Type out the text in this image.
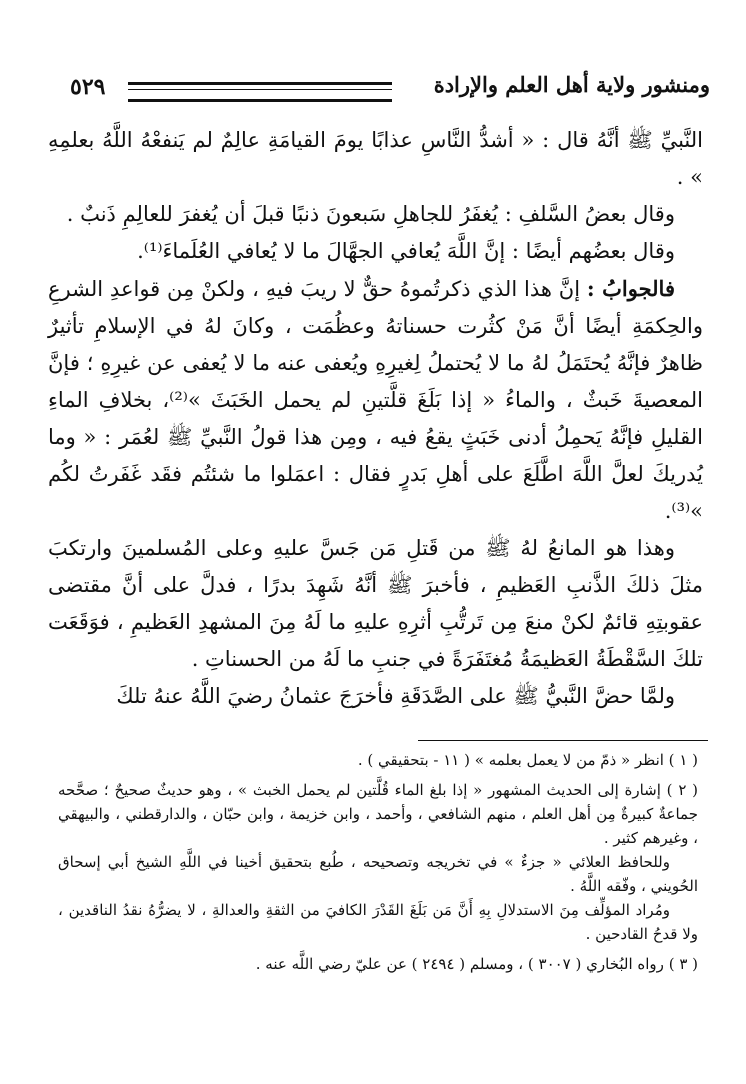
٥٢٩	ومنشور ولاية أهل العلم والإرادة

النَّبيِّ ﷺ أنَّهُ قال : « أشدُّ النَّاسِ عذابًا يومَ القيامَةِ عالِمٌ لم يَنفعْهُ اللَّهُ بعلمِهِ » .

وقال بعضُ السَّلفِ : يُغفَرُ للجاهلِ سَبعونَ ذنبًا قبلَ أن يُغفرَ للعالِمِ ذَنبٌ .

وقال بعضُهم أيضًا : إنَّ اللَّهَ يُعافي الجهَّالَ ما لا يُعافي العُلَماءَ⁽¹⁾.

فالجوابُ : إنَّ هذا الذي ذكرتُموهُ حقٌّ لا ريبَ فيهِ ، ولكنْ مِن قواعدِ الشرعِ والحِكمَةِ أيضًا أنَّ مَنْ كثُرت حسناتهُ وعظُمَت ، وكانَ لهُ في الإسلامِ تأثيرٌ ظاهرٌ فإنَّهُ يُحتَمَلُ لهُ ما لا يُحتملُ لِغيرِهِ ويُعفى عنه ما لا يُعفى عن غيرِهِ ؛ فإنَّ المعصيةَ خَبثٌ ، والماءُ « إذا بَلَغَ قلَّتينِ لم يحمل الخَبَثَ »⁽²⁾، بخلافِ الماءِ القليلِ فإنَّهُ يَحمِلُ أدنى خَبَثٍ يقعُ فيه ، ومِن هذا قولُ النَّبيِّ ﷺ لعُمَر : « وما يُدريكَ لعلَّ اللَّهَ اطَّلَعَ على أهلِ بَدرٍ فقال : اعمَلوا ما شئتُم فقَد غَفَرتُ لكُم »⁽³⁾.

وهذا هو المانعُ لهُ ﷺ من قَتلِ مَن جَسَّ عليهِ وعلى المُسلمينَ وارتكبَ مثلَ ذلكَ الذَّنبِ العَظيمِ ، فأخبرَ ﷺ أنَّهُ شَهِدَ بدرًا ، فدلَّ على أنَّ مقتضى عقوبتِهِ قائمٌ لكنْ منعَ مِن تَرتُّبِ أثرِهِ عليهِ ما لَهُ مِنَ المشهدِ العَظيمِ ، فوَقَعَت تلكَ السَّقْطَةُ العَظيمَةُ مُغتَفَرَةً في جنبِ ما لَهُ من الحسناتِ .

ولمَّا حضَّ النَّبيُّ ﷺ على الصَّدَقَةِ فأخرَجَ عثمانُ رضيَ اللَّهُ عنهُ تلكَ

( ١ ) انظر « ذمّ من لا يعمل بعلمه » ( ١١ - بتحقيقي ) .

( ٢ ) إشارة إلى الحديث المشهور « إذا بلغ الماء قُلَّتين لم يحمل الخبث » ، وهو حديثٌ صحيحٌ ؛ صحَّحه جماعةٌ كبيرةٌ مِن أهل العلم ، منهم الشافعي ، وأحمد ، وابن خزيمة ، وابن حبّان ، والدارقطني ، والبيهقي ، وغيرهم كثير .

وللحافظ العلائي « جزءٌ » في تخريجه وتصحيحه ، طُبع بتحقيق أخينا في اللَّهِ الشيخ أبي إسحاق الحُويني ، وفّقه اللَّهُ .

ومُراد المؤلِّف مِنَ الاستدلالِ بِهِ أَنَّ مَن بَلَغَ القَدْرَ الكافيَ من الثقةِ والعدالةِ ، لا يضرُّهُ نقدُ الناقدين ، ولا قدحُ القادحين .

( ٣ ) رواه البُخاري ( ٣٠٠٧ ) ، ومسلم ( ٢٤٩٤ ) عن عليّ رضي اللَّه عنه .
